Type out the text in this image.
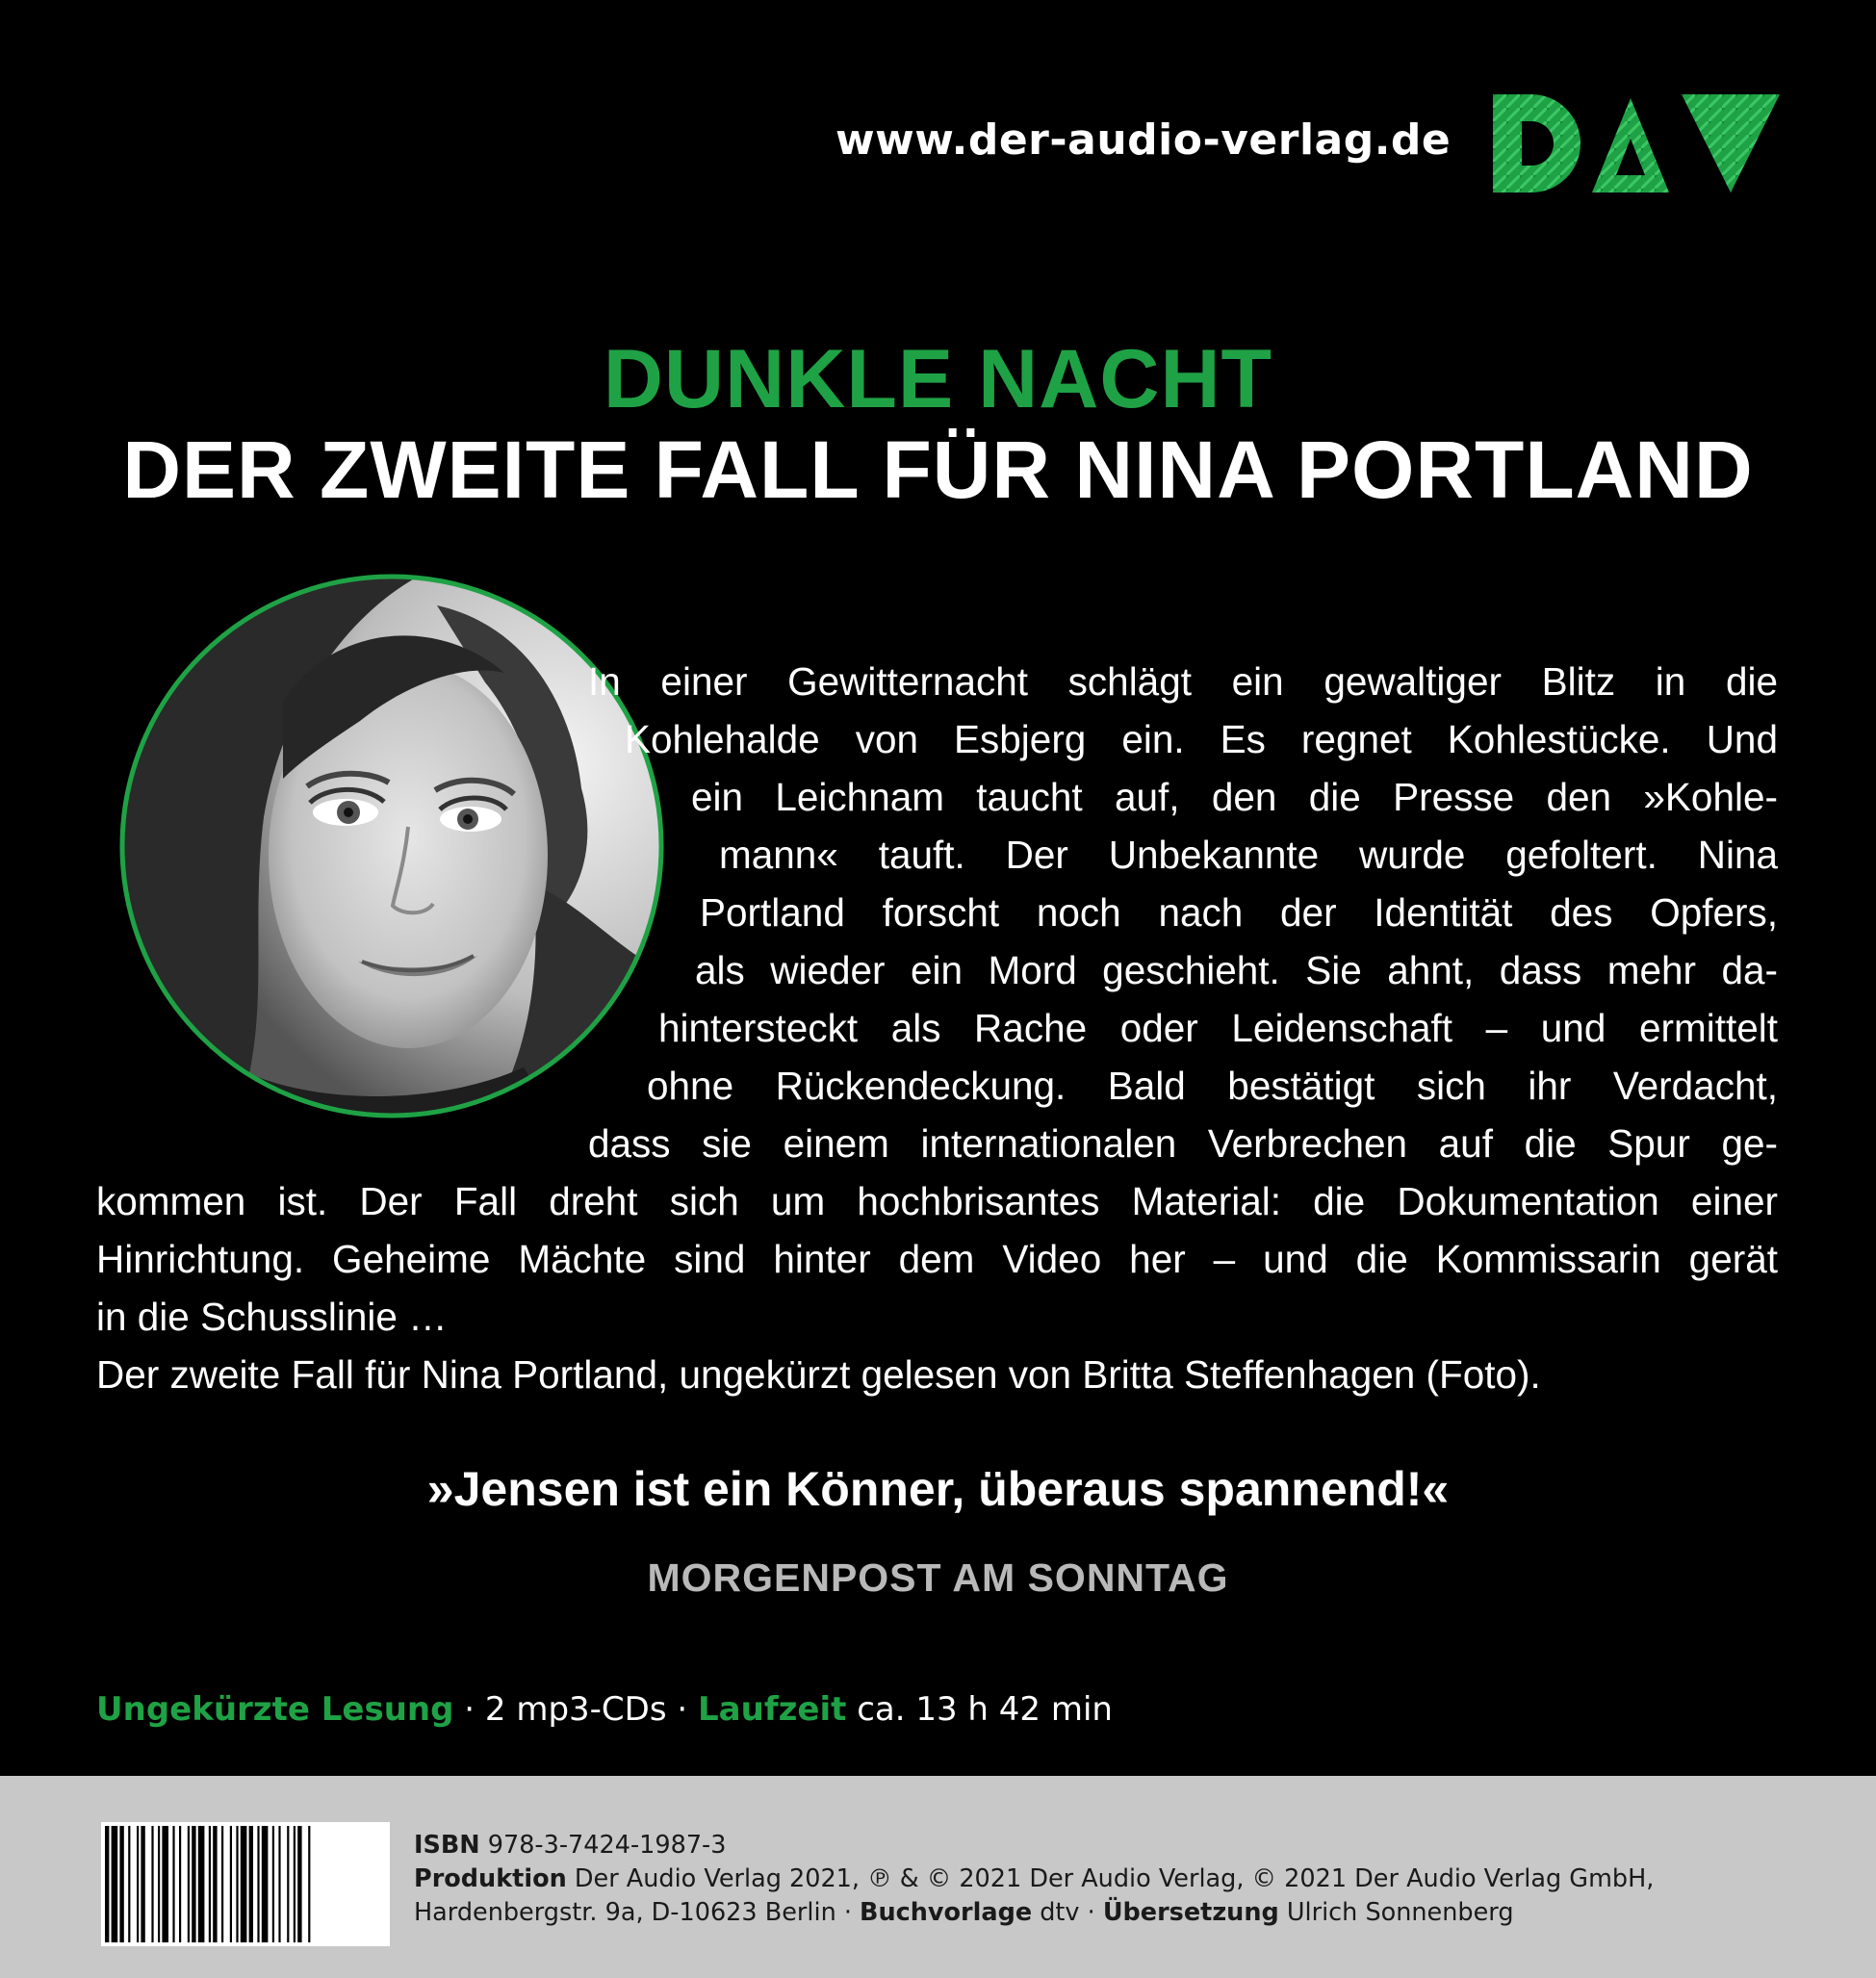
www.der-audio-verlag.de
DUNKLE NACHT
DER ZWEITE FALL FÜR NINA PORTLAND
In einer Gewitternacht schlägt ein gewaltiger Blitz in die
Kohlehalde von Esbjerg ein. Es regnet Kohlestücke. Und
ein Leichnam taucht auf, den die Presse den »Kohle-
mann« tauft. Der Unbekannte wurde gefoltert. Nina
Portland forscht noch nach der Identität des Opfers,
als wieder ein Mord geschieht. Sie ahnt, dass mehr da-
hintersteckt als Rache oder Leidenschaft – und ermittelt
ohne Rückendeckung. Bald bestätigt sich ihr Verdacht,
dass sie einem internationalen Verbrechen auf die Spur ge-
kommen ist. Der Fall dreht sich um hochbrisantes Material: die Dokumentation einer
Hinrichtung. Geheime Mächte sind hinter dem Video her – und die Kommissarin gerät
in die Schusslinie …
Der zweite Fall für Nina Portland, ungekürzt gelesen von Britta Steffenhagen (Foto).
»Jensen ist ein Könner, überaus spannend!«
MORGENPOST AM SONNTAG
Ungekürzte Lesung · 2 mp3-CDs · Laufzeit ca. 13 h 42 min
ISBN 978-3-7424-1987-3
Produktion Der Audio Verlag 2021, ℗ & © 2021 Der Audio Verlag, © 2021 Der Audio Verlag GmbH,
Hardenbergstr. 9a, D-10623 Berlin · Buchvorlage dtv · Übersetzung Ulrich Sonnenberg
